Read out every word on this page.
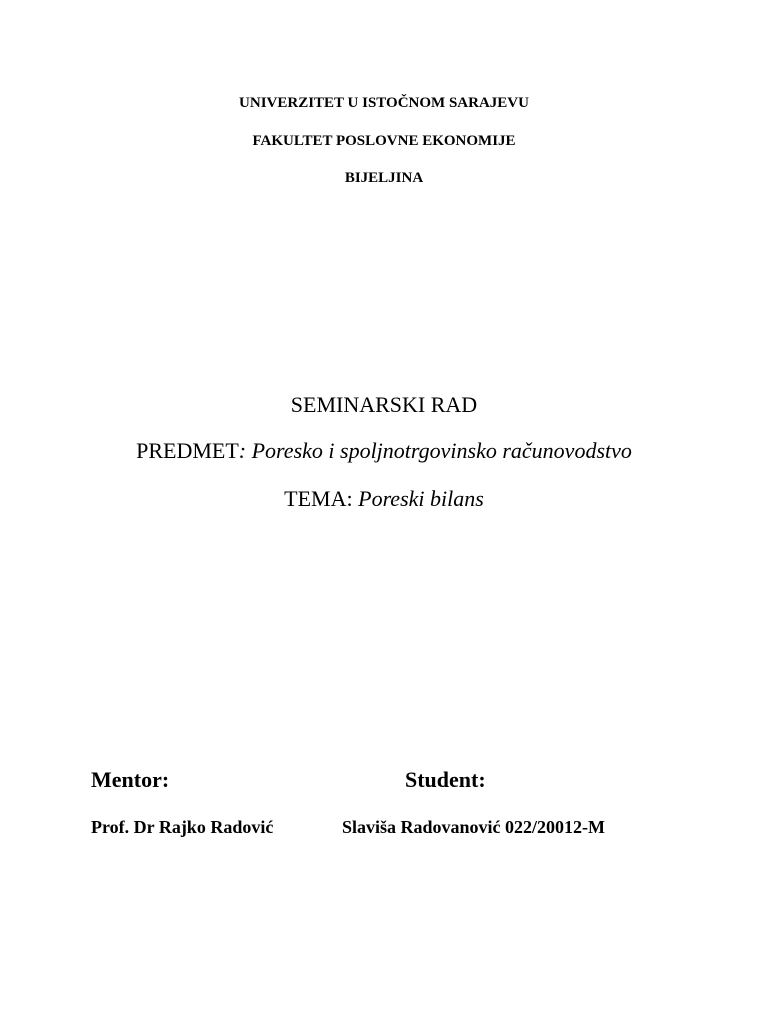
UNIVERZITET U ISTOČNOM SARAJEVU
FAKULTET POSLOVNE EKONOMIJE
BIJELJINA
SEMINARSKI RAD
PREDMET: Poresko i spoljnotrgovinsko računovodstvo
TEMA: Poreski bilans
Mentor:	Student:
Prof. Dr Rajko Radović	Slaviša Radovanović 022/20012-M
